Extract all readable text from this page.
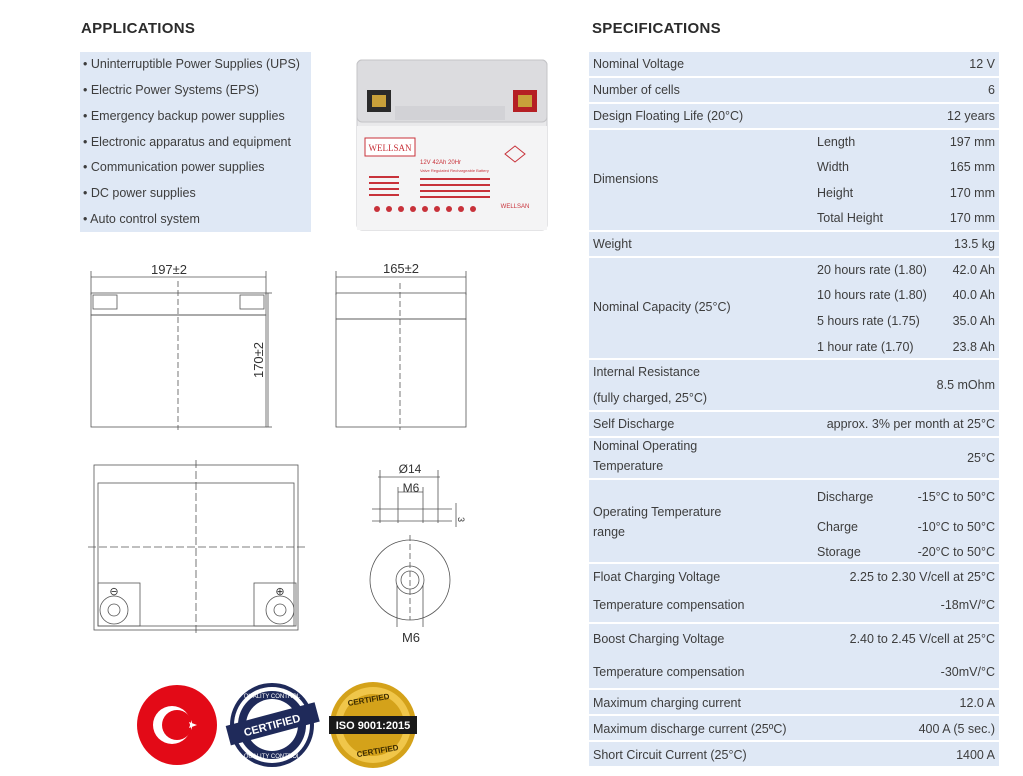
APPLICATIONS
• Uninterruptible Power Supplies (UPS)
• Electric Power Systems (EPS)
• Emergency backup power supplies
• Electronic apparatus and equipment
• Communication power supplies
• DC power supplies
• Auto control system
WELLSAN
12V 42Ah 20Hr
Valve Regulated Rechargeable Battery
WELLSAN
197±2	165±2
170±2
Ø14
M6
3
M6
⊖	⊕
CERTIFIED
QUALITY CONTROL
QUALITY CONTROL
ISO 9001:2015
CERTIFIED
CERTIFIED
SPECIFICATIONS
Nominal Voltage	12 V
Number of cells	6
Design Floating Life (20°C)	12 years
Dimensions
Length	197 mm
Width	165 mm
Height	170 mm
Total Height	170 mm
Weight	13.5 kg
Nominal Capacity (25°C)
20 hours rate (1.80) 42.0 Ah
10 hours rate (1.80) 40.0 Ah
5 hours rate (1.75)	35.0 Ah
1 hour rate (1.70)	23.8 Ah
Internal Resistance
(fully charged, 25°C)
8.5 mOhm
Self Discharge	approx. 3% per month at 25°C
Nominal Operating
Temperature
25°C
Operating Temperature
range
Discharge	-15°C to 50°C
Charge	-10°C to 50°C
Storage	-20°C to 50°C
Float Charging Voltage	2.25 to 2.30 V/cell at 25°C
Temperature compensation	-18mV/°C
Boost Charging Voltage	2.40 to 2.45 V/cell at 25°C
Temperature compensation	-30mV/°C
Maximum charging current	12.0 A
Maximum discharge current (25ºC)	400 A (5 sec.)
Short Circuit Current (25°C)	1400 A
